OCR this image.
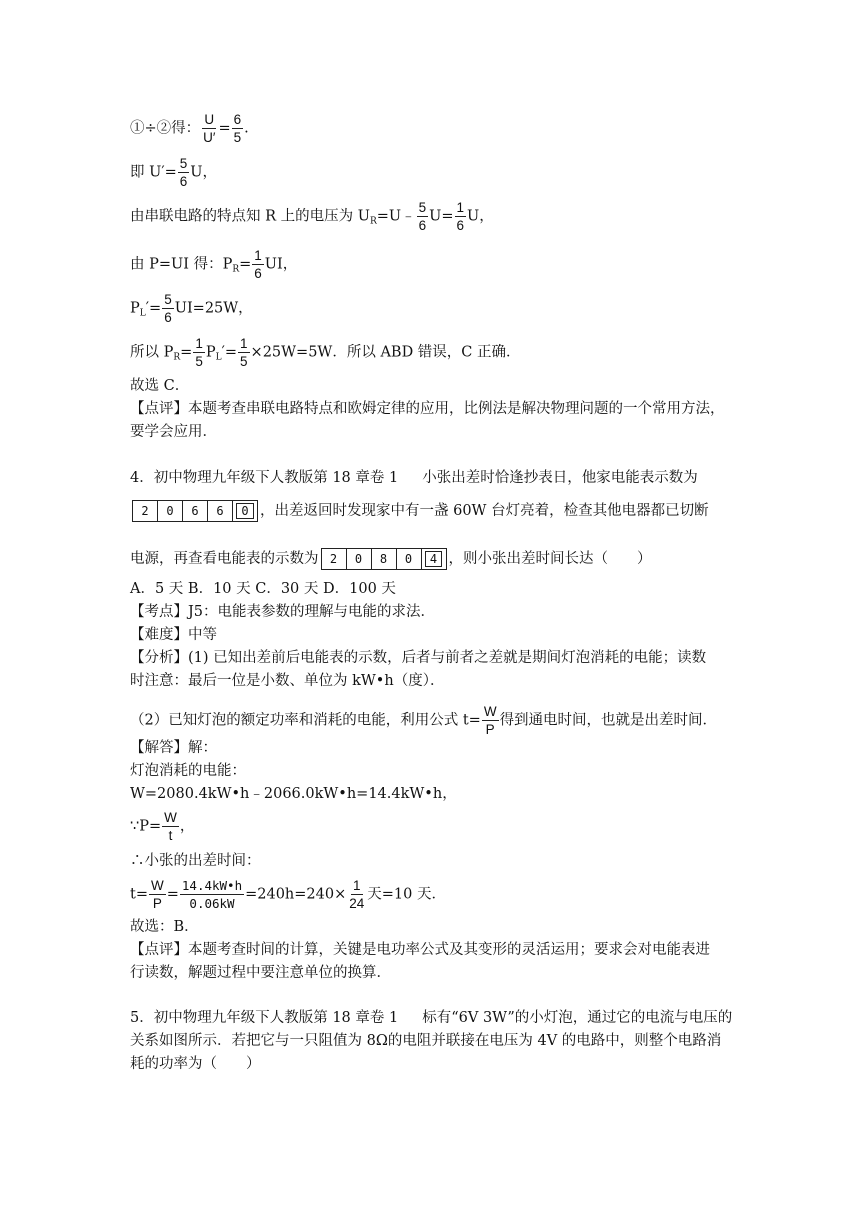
①÷②得： $\frac{U}{U'} = \frac{6}{5}$ .
即 $U'= \frac{5}{6}$ U，
由串联电路的特点知 R 上的电压为 $U_R=U﹣ \frac{5}{6} U= \frac{1}{6}$ U，
由 P=UI 得：$P_R= \frac{1}{6}$ UI，
$P_L'= \frac{5}{6} UI=25W$，
所以 $P_R= \frac{1}{5} P_L'= \frac{1}{5} \times 25W=5W$．所以 ABD 错误，C 正确．
故选 C．
【点评】本题考查串联电路特点和欧姆定律的应用，比例法是解决物理问题的一个常用方法，
要学会应用．
4．初中物理九年级下人教版第 18 章卷 1 小张出差时恰逢抄表日，他家电能表示数为
2 0 6 6	0 ，出差返回时发现家中有一盏 60W 台灯亮着，检查其他电器都已切断
电源，再查看电能表的示数为 2 0 8 0	4 ，则小张出差时间长达（　　）
A．5 天 B．10 天 C．30 天 D．100 天
【考点】J5：电能表参数的理解与电能的求法．
【难度】中等
【分析】(1) 已知出差前后电能表的示数，后者与前者之差就是期间灯泡消耗的电能；读数
时注意：最后一位是小数、单位为 kW•h（度）．
（2）已知灯泡的额定功率和消耗的电能，利用公式 $t= \frac{W}{P}$ 得到通电时间，也就是出差时间．
【解答】解：
灯泡消耗的电能：
W=2080.4kW•h﹣2066.0kW•h=14.4kW•h，
∵P= $\frac{W}{t}$ ，
∴小张的出差时间：
$t= \frac{W}{P} = \frac{14.4kW•h}{0.06kW} =240h=240\times \frac{1}{24}$ 天=10 天．
故选：B．
【点评】本题考查时间的计算，关键是电功率公式及其变形的灵活运用；要求会对电能表进
行读数，解题过程中要注意单位的换算．
5．初中物理九年级下人教版第 18 章卷 1 标有“6V 3W”的小灯泡，通过它的电流与电压的
关系如图所示．若把它与一只阻值为 8Ω的电阻并联接在电压为 4V 的电路中，则整个电路消
耗的功率为（　　）
